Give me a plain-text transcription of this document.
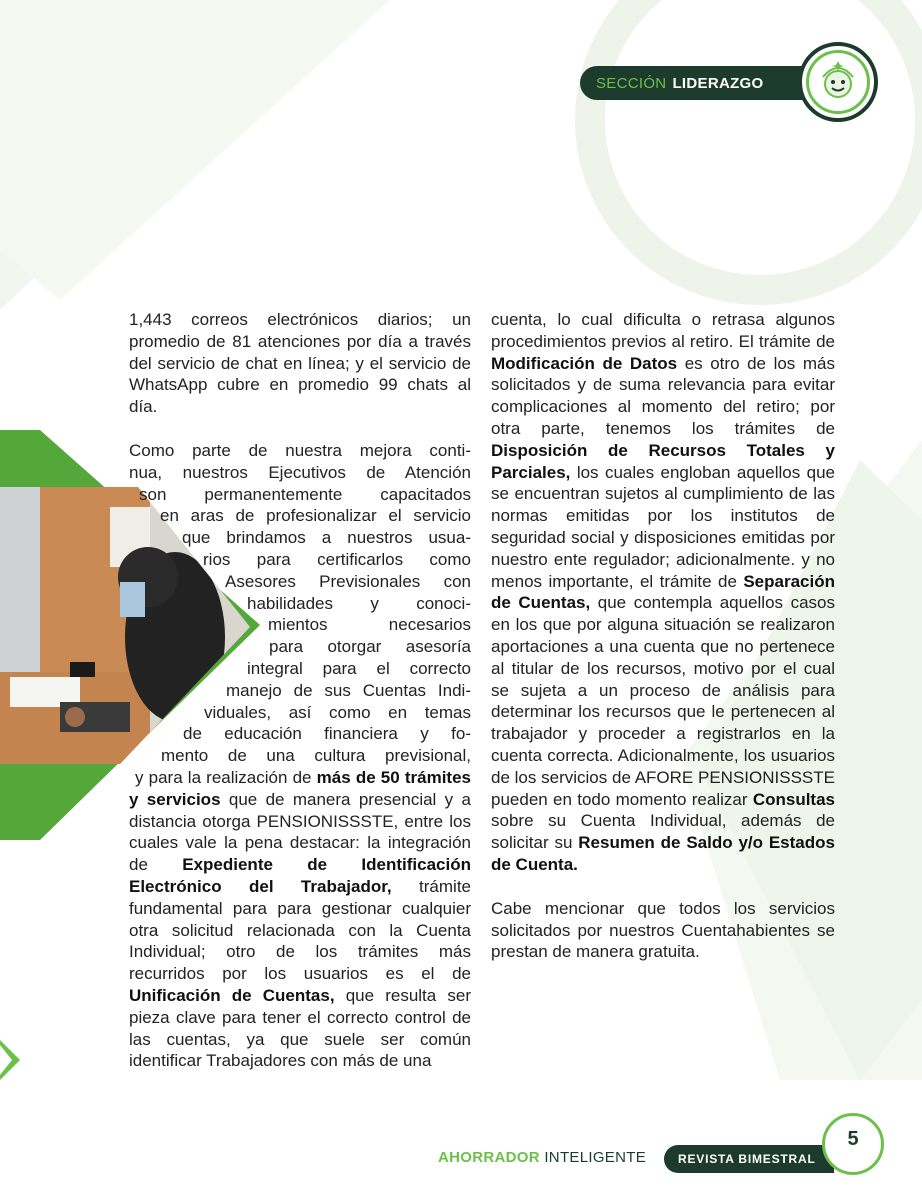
SECCIÓN LIDERAZGO

1,443 correos electrónicos diarios; un promedio de 81 atenciones por día a través del servicio de chat en línea; y el servicio de WhatsApp cubre en promedio 99 chats al día.

Como parte de nuestra mejora conti-
nua, nuestros Ejecutivos de Atención
son permanentemente capacitados
en aras de profesionalizar el servicio
que brindamos a nuestros usua-
rios para certificarlos como
Asesores Previsionales con
habilidades y conoci-
mientos necesarios
para otorgar asesoría
integral para el correcto
manejo de sus Cuentas Indi-
viduales, así como en temas
de educación financiera y fo-
mento de una cultura previsional,

y para la realización de más de 50 trámites y servicios que de manera presencial y a distancia otorga PENSIONISSSTE, entre los cuales vale la pena destacar: la integración de Expediente de Identificación Electrónico del Trabajador, trámite fundamental para para gestionar cualquier otra solicitud relacionada con la Cuenta Individual; otro de los trámites más recurridos por los usuarios es el de Unificación de Cuentas, que resulta ser pieza clave para tener el correcto control de las cuentas, ya que suele ser común identificar Trabajadores con más de una

cuenta, lo cual dificulta o retrasa algunos procedimientos previos al retiro. El trámite de Modificación de Datos es otro de los más solicitados y de suma relevancia para evitar complicaciones al momento del retiro; por otra parte, tenemos los trámites de Disposición de Recursos Totales y Parciales, los cuales engloban aquellos que se encuentran sujetos al cumplimiento de las normas emitidas por los institutos de seguridad social y disposiciones emitidas por nuestro ente regulador; adicionalmente. y no menos importante, el trámite de Separación de Cuentas, que contempla aquellos casos en los que por alguna situación se realizaron aportaciones a una cuenta que no pertenece al titular de los recursos, motivo por el cual se sujeta a un proceso de análisis para determinar los recursos que le pertenecen al trabajador y proceder a registrarlos en la cuenta correcta. Adicionalmente, los usuarios de los servicios de AFORE PENSIONISSSTE pueden en todo momento realizar Consultas sobre su Cuenta Individual, además de solicitar su Resumen de Saldo y/o Estados de Cuenta.

Cabe mencionar que todos los servicios solicitados por nuestros Cuentahabientes se prestan de manera gratuita.

AHORRADOR INTELIGENTE	REVISTA BIMESTRAL
5
